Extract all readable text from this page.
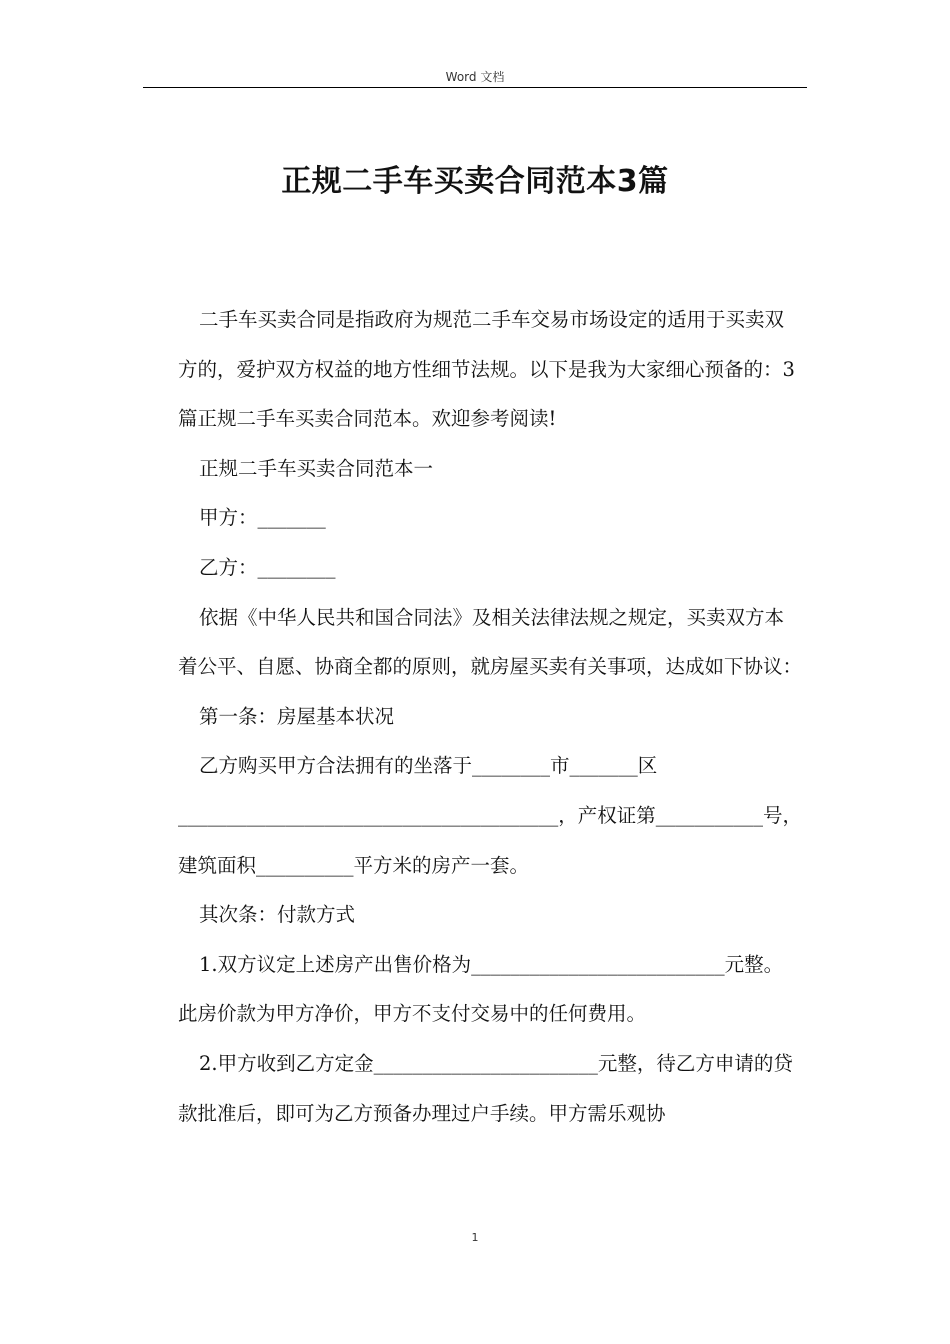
Word 文档
正规二手车买卖合同范本3篇

二手车买卖合同是指政府为规范二手车交易市场设定的适用于买卖双方的，爱护双方权益的地方性细节法规。以下是我为大家细心预备的：3篇正规二手车买卖合同范本。欢迎参考阅读!

正规二手车买卖合同范本一

甲方：_______

乙方：________

依据《中华人民共和国合同法》及相关法律法规之规定，买卖双方本着公平、自愿、协商全都的原则，就房屋买卖有关事项，达成如下协议：

第一条：房屋基本状况

乙方购买甲方合法拥有的坐落于________市_______区_______________________________________，产权证第___________号，建筑面积__________平方米的房产一套。

其次条：付款方式

1.双方议定上述房产出售价格为__________________________元整。此房价款为甲方净价，甲方不支付交易中的任何费用。

2.甲方收到乙方定金_______________________元整，待乙方申请的贷款批准后，即可为乙方预备办理过户手续。甲方需乐观协

1
